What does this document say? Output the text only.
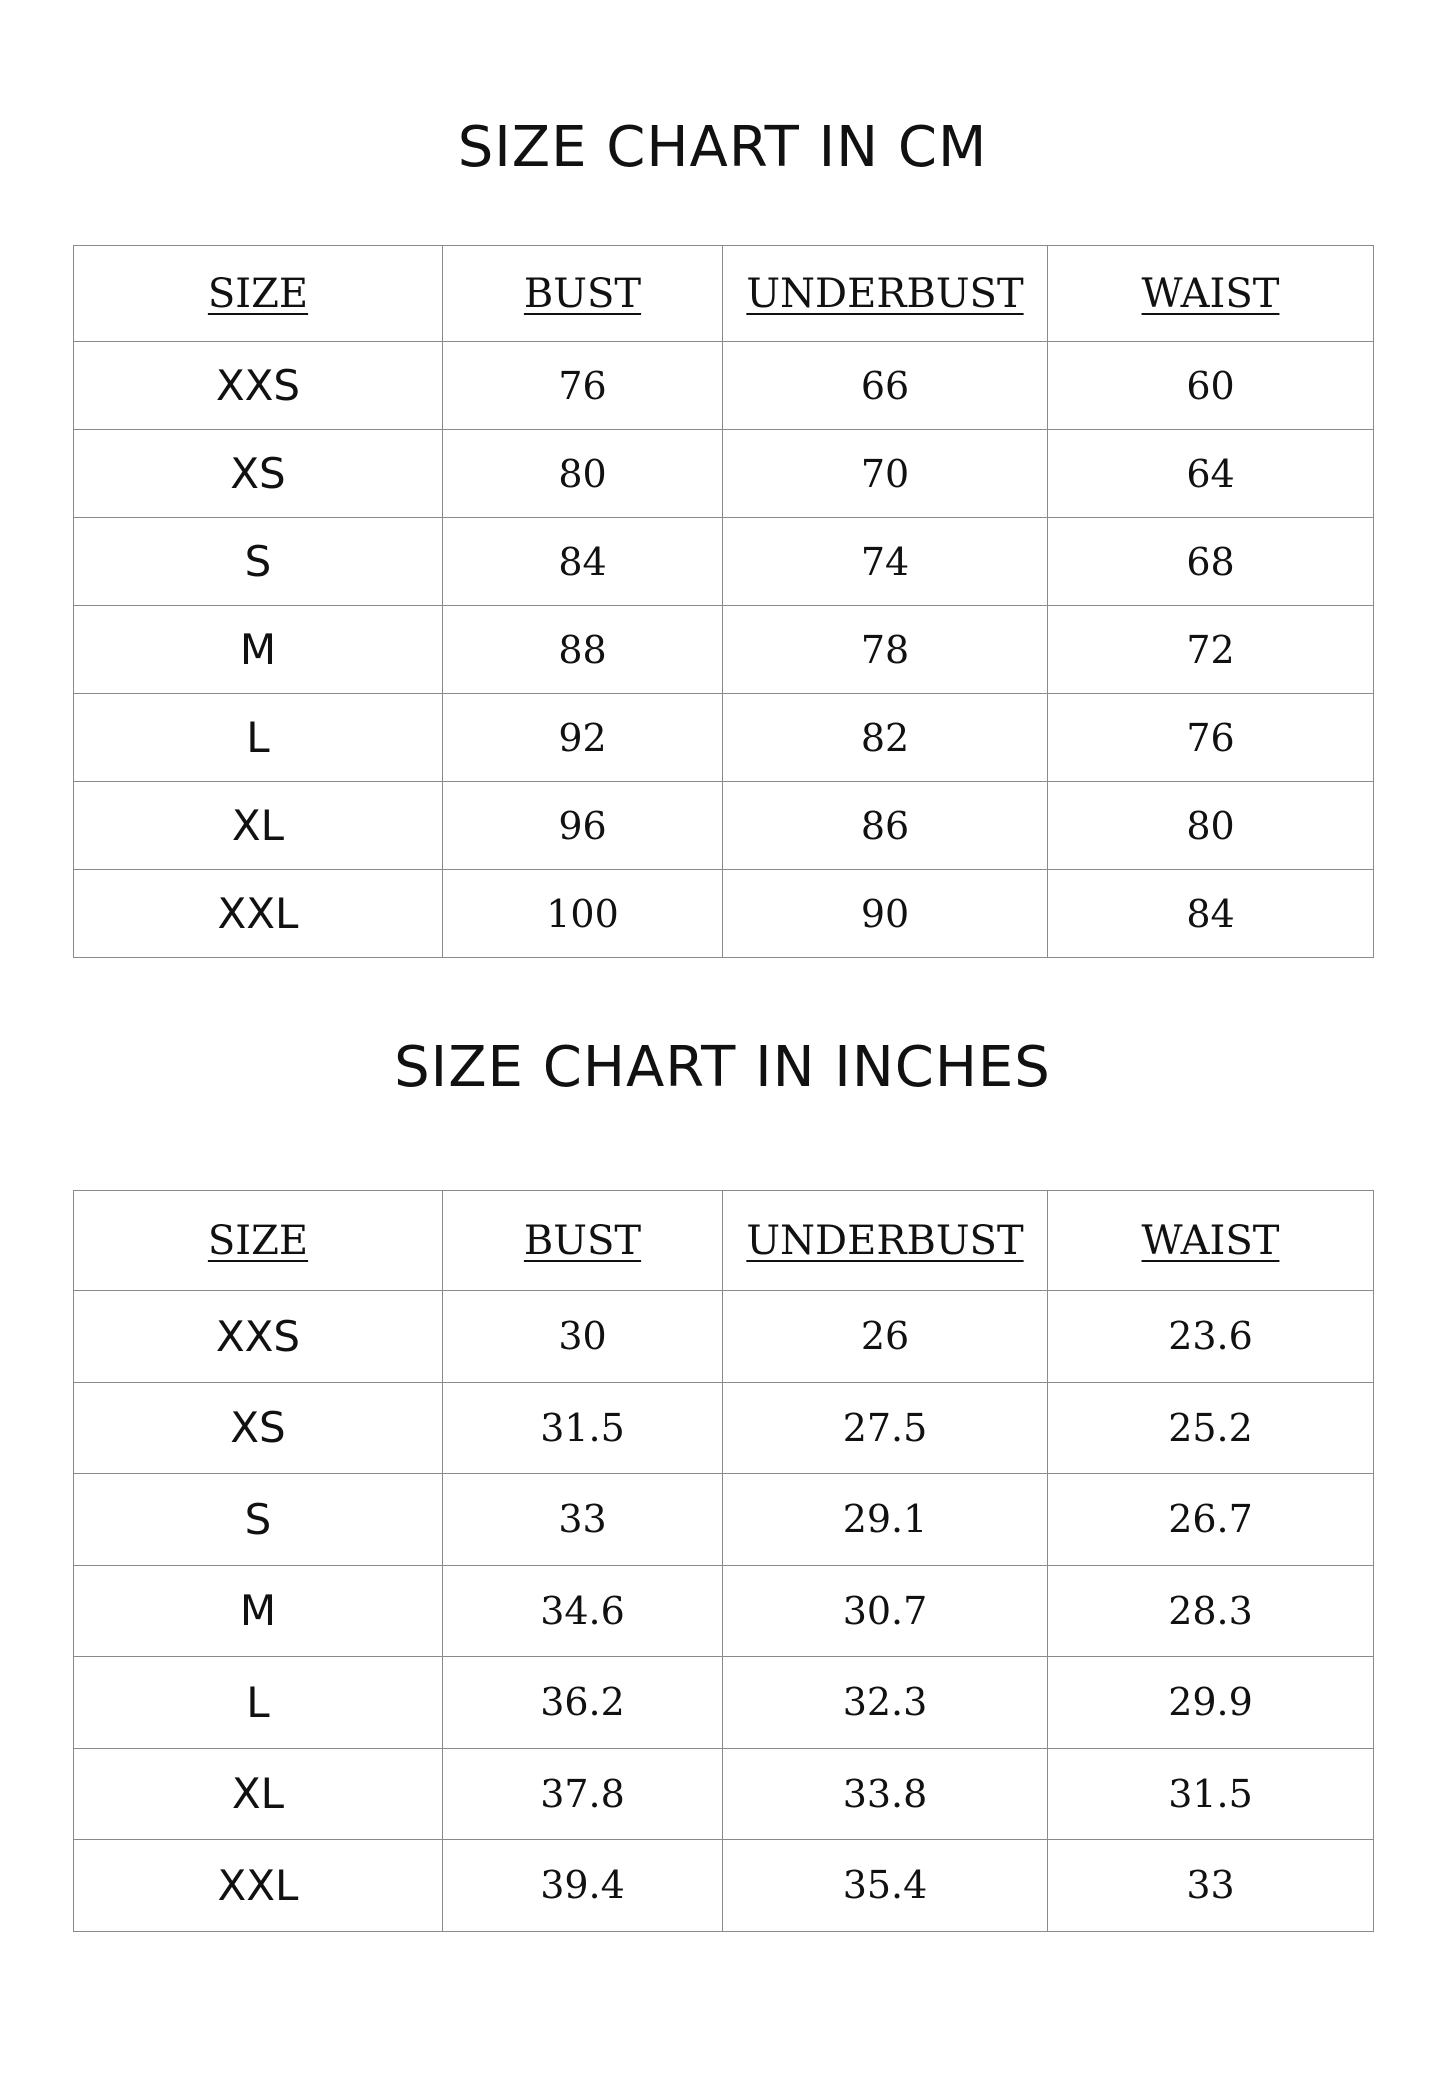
SIZE CHART IN CM
SIZE	BUST	UNDERBUST	WAIST
XXS	76	66	60
XS	80	70	64
S	84	74	68
M	88	78	72
L	92	82	76
XL	96	86	80
XXL	100	90	84
SIZE CHART IN INCHES
SIZE	BUST	UNDERBUST	WAIST
XXS	30	26	23.6
XS	31.5	27.5	25.2
S	33	29.1	26.7
M	34.6	30.7	28.3
L	36.2	32.3	29.9
XL	37.8	33.8	31.5
XXL	39.4	35.4	33
